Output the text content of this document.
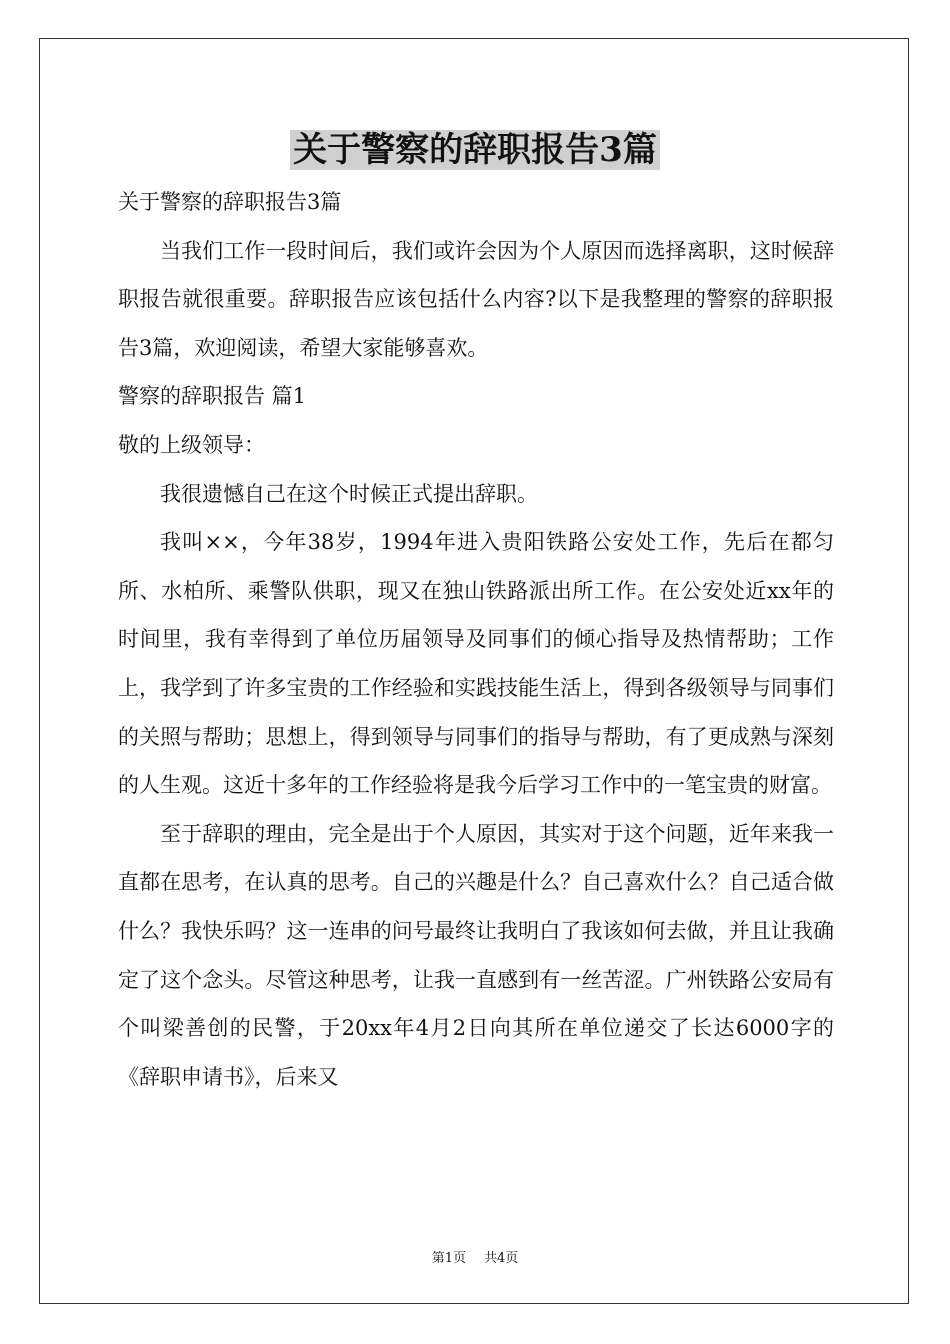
关于警察的辞职报告3篇

关于警察的辞职报告3篇

当我们工作一段时间后，我们或许会因为个人原因而选择离职，这时候辞职报告就很重要。辞职报告应该包括什么内容?以下是我整理的警察的辞职报告3篇，欢迎阅读，希望大家能够喜欢。

警察的辞职报告 篇1

敬的上级领导：

我很遗憾自己在这个时候正式提出辞职。

我叫××，今年38岁，1994年进入贵阳铁路公安处工作，先后在都匀所、水柏所、乘警队供职，现又在独山铁路派出所工作。在公安处近xx年的时间里，我有幸得到了单位历届领导及同事们的倾心指导及热情帮助；工作上，我学到了许多宝贵的工作经验和实践技能生活上，得到各级领导与同事们的关照与帮助；思想上，得到领导与同事们的指导与帮助，有了更成熟与深刻的人生观。这近十多年的工作经验将是我今后学习工作中的一笔宝贵的财富。

至于辞职的理由，完全是出于个人原因，其实对于这个问题，近年来我一直都在思考，在认真的思考。自己的兴趣是什么？自己喜欢什么？自己适合做什么？我快乐吗？这一连串的问号最终让我明白了我该如何去做，并且让我确定了这个念头。尽管这种思考，让我一直感到有一丝苦涩。广州铁路公安局有个叫梁善创的民警，于20xx年4月2日向其所在单位递交了长达6000字的《辞职申请书》，后来又

第1页 共4页
